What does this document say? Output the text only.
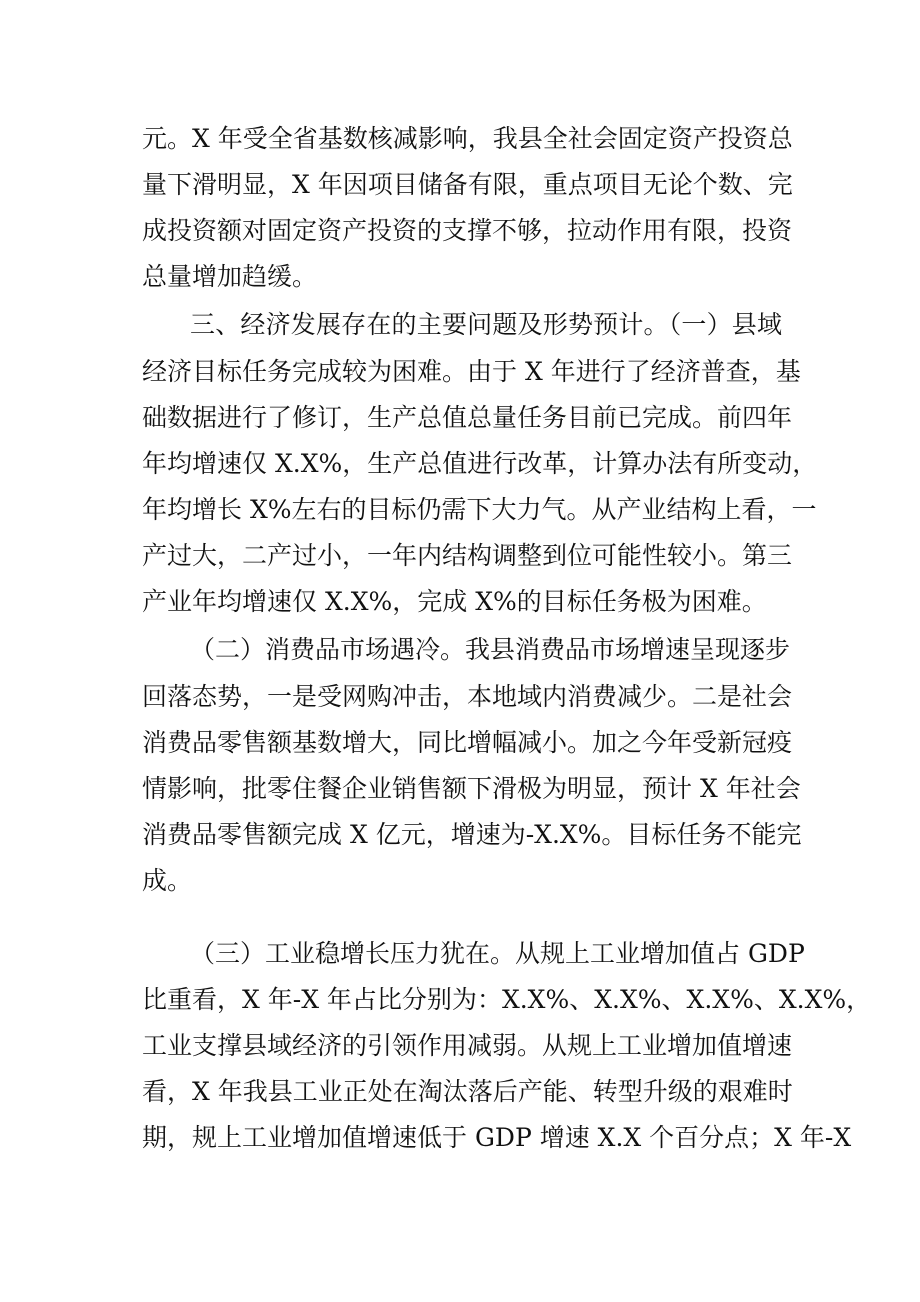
元。X 年受全省基数核减影响，我县全社会固定资产投资总

量下滑明显，X 年因项目储备有限，重点项目无论个数、完

成投资额对固定资产投资的支撑不够，拉动作用有限，投资

总量增加趋缓。

三、经济发展存在的主要问题及形势预计。（一）县域

经济目标任务完成较为困难。由于 X 年进行了经济普查，基

础数据进行了修订，生产总值总量任务目前已完成。前四年

年均增速仅 X.X%，生产总值进行改革，计算办法有所变动，

年均增长 X%左右的目标仍需下大力气。从产业结构上看，一

产过大，二产过小，一年内结构调整到位可能性较小。第三

产业年均增速仅 X.X%，完成 X%的目标任务极为困难。

（二）消费品市场遇冷。我县消费品市场增速呈现逐步

回落态势，一是受网购冲击，本地域内消费减少。二是社会

消费品零售额基数增大，同比增幅减小。加之今年受新冠疫

情影响，批零住餐企业销售额下滑极为明显，预计 X 年社会

消费品零售额完成 X 亿元，增速为-X.X%。目标任务不能完

成。

（三）工业稳增长压力犹在。从规上工业增加值占 GDP

比重看，X 年-X 年占比分别为：X.X%、X.X%、X.X%、X.X%，

工业支撑县域经济的引领作用减弱。从规上工业增加值增速

看，X 年我县工业正处在淘汰落后产能、转型升级的艰难时

期，规上工业增加值增速低于 GDP 增速 X.X 个百分点；X 年-X
